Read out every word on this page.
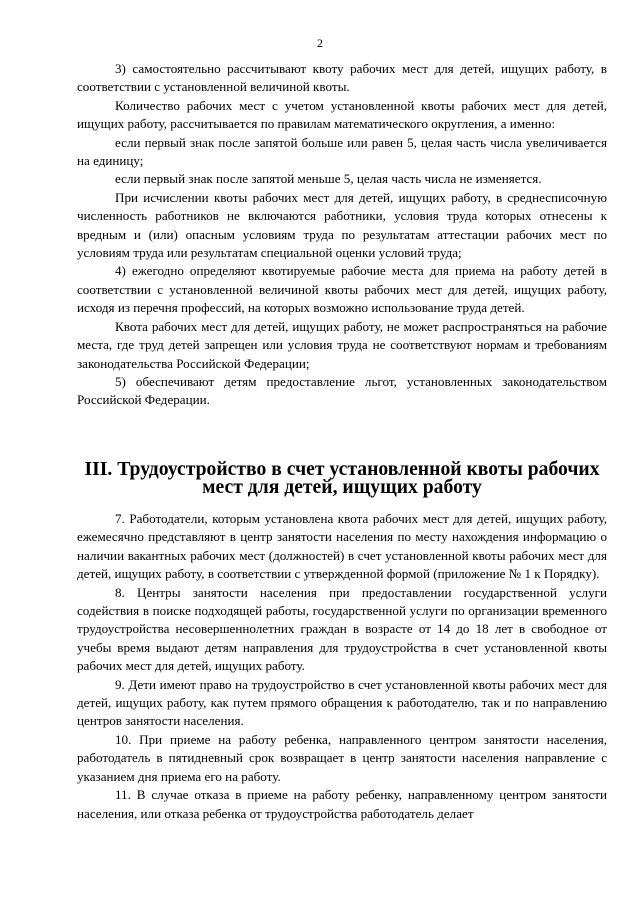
2

3) самостоятельно рассчитывают квоту рабочих мест для детей, ищущих работу, в соответствии с установленной величиной квоты.

Количество рабочих мест с учетом установленной квоты рабочих мест для детей, ищущих работу, рассчитывается по правилам математического округления, а именно:

если первый знак после запятой больше или равен 5, целая часть числа увеличивается на единицу;

если первый знак после запятой меньше 5, целая часть числа не изменяется.

При исчислении квоты рабочих мест для детей, ищущих работу, в среднесписочную численность работников не включаются работники, условия труда которых отнесены к вредным и (или) опасным условиям труда по результатам аттестации рабочих мест по условиям труда или результатам специальной оценки условий труда;

4) ежегодно определяют квотируемые рабочие места для приема на работу детей в соответствии с установленной величиной квоты рабочих мест для детей, ищущих работу, исходя из перечня профессий, на которых возможно использование труда детей.

Квота рабочих мест для детей, ищущих работу, не может распространяться на рабочие места, где труд детей запрещен или условия труда не соответствуют нормам и требованиям законодательства Российской Федерации;

5) обеспечивают детям предоставление льгот, установленных законодательством Российской Федерации.

III. Трудоустройство в счет установленной квоты рабочих мест для детей, ищущих работу

7. Работодатели, которым установлена квота рабочих мест для детей, ищущих работу, ежемесячно представляют в центр занятости населения по месту нахождения информацию о наличии вакантных рабочих мест (должностей) в счет установленной квоты рабочих мест для детей, ищущих работу, в соответствии с утвержденной формой (приложение № 1 к Порядку).

8. Центры занятости населения при предоставлении государственной услуги содействия в поиске подходящей работы, государственной услуги по организации временного трудоустройства несовершеннолетних граждан в возрасте от 14 до 18 лет в свободное от учебы время выдают детям направления для трудоустройства в счет установленной квоты рабочих мест для детей, ищущих работу.

9. Дети имеют право на трудоустройство в счет установленной квоты рабочих мест для детей, ищущих работу, как путем прямого обращения к работодателю, так и по направлению центров занятости населения.

10. При приеме на работу ребенка, направленного центром занятости населения, работодатель в пятидневный срок возвращает в центр занятости населения направление с указанием дня приема его на работу.

11. В случае отказа в приеме на работу ребенку, направленному центром занятости населения, или отказа ребенка от трудоустройства работодатель делает
